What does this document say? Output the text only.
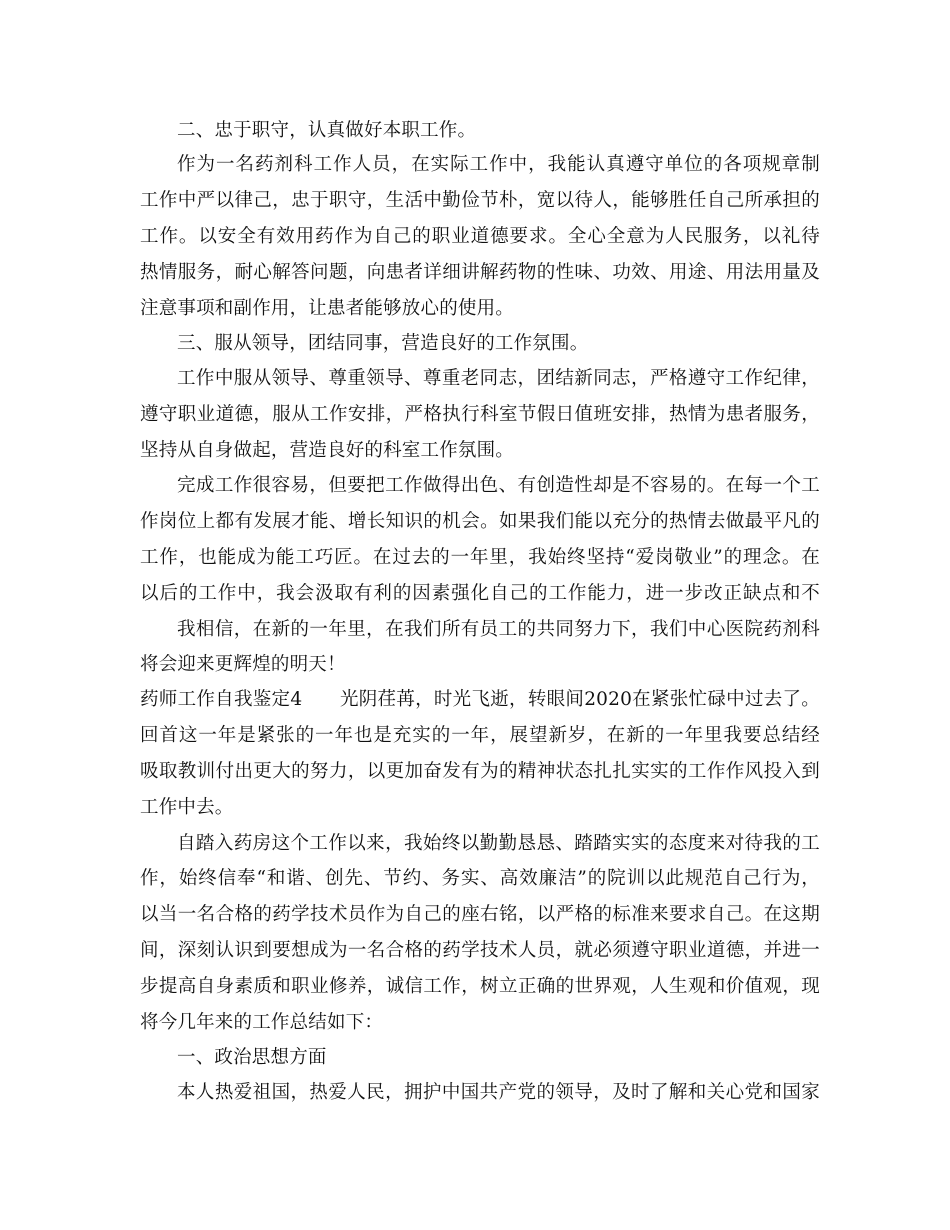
二、忠于职守，认真做好本职工作。
作为一名药剂科工作人员，在实际工作中，我能认真遵守单位的各项规章制
工作中严以律己，忠于职守，生活中勤俭节朴，宽以待人，能够胜任自己所承担的
工作。以安全有效用药作为自己的职业道德要求。全心全意为人民服务，以礼待
热情服务，耐心解答问题，向患者详细讲解药物的性味、功效、用途、用法用量及
注意事项和副作用，让患者能够放心的使用。
三、服从领导，团结同事，营造良好的工作氛围。
工作中服从领导、尊重领导、尊重老同志，团结新同志，严格遵守工作纪律，
遵守职业道德，服从工作安排，严格执行科室节假日值班安排，热情为患者服务，
坚持从自身做起，营造良好的科室工作氛围。
完成工作很容易，但要把工作做得出色、有创造性却是不容易的。在每一个工
作岗位上都有发展才能、增长知识的机会。如果我们能以充分的热情去做最平凡的
工作，也能成为能工巧匠。在过去的一年里，我始终坚持“爱岗敬业”的理念。在
以后的工作中，我会汲取有利的因素强化自己的工作能力，进一步改正缺点和不
我相信，在新的一年里，在我们所有员工的共同努力下，我们中心医院药剂科
将会迎来更辉煌的明天！
药师工作自我鉴定4　　光阴荏苒，时光飞逝，转眼间2020在紧张忙碌中过去了。
回首这一年是紧张的一年也是充实的一年，展望新岁，在新的一年里我要总结经
吸取教训付出更大的努力，以更加奋发有为的精神状态扎扎实实的工作作风投入到
工作中去。
自踏入药房这个工作以来，我始终以勤勤恳恳、踏踏实实的态度来对待我的工
作，始终信奉“和谐、创先、节约、务实、高效廉洁”的院训以此规范自己行为，
以当一名合格的药学技术员作为自己的座右铭，以严格的标准来要求自己。在这期
间，深刻认识到要想成为一名合格的药学技术人员，就必须遵守职业道德，并进一
步提高自身素质和职业修养，诚信工作，树立正确的世界观，人生观和价值观，现
将今几年来的工作总结如下：
一、政治思想方面
本人热爱祖国，热爱人民，拥护中国共产党的领导，及时了解和关心党和国家
